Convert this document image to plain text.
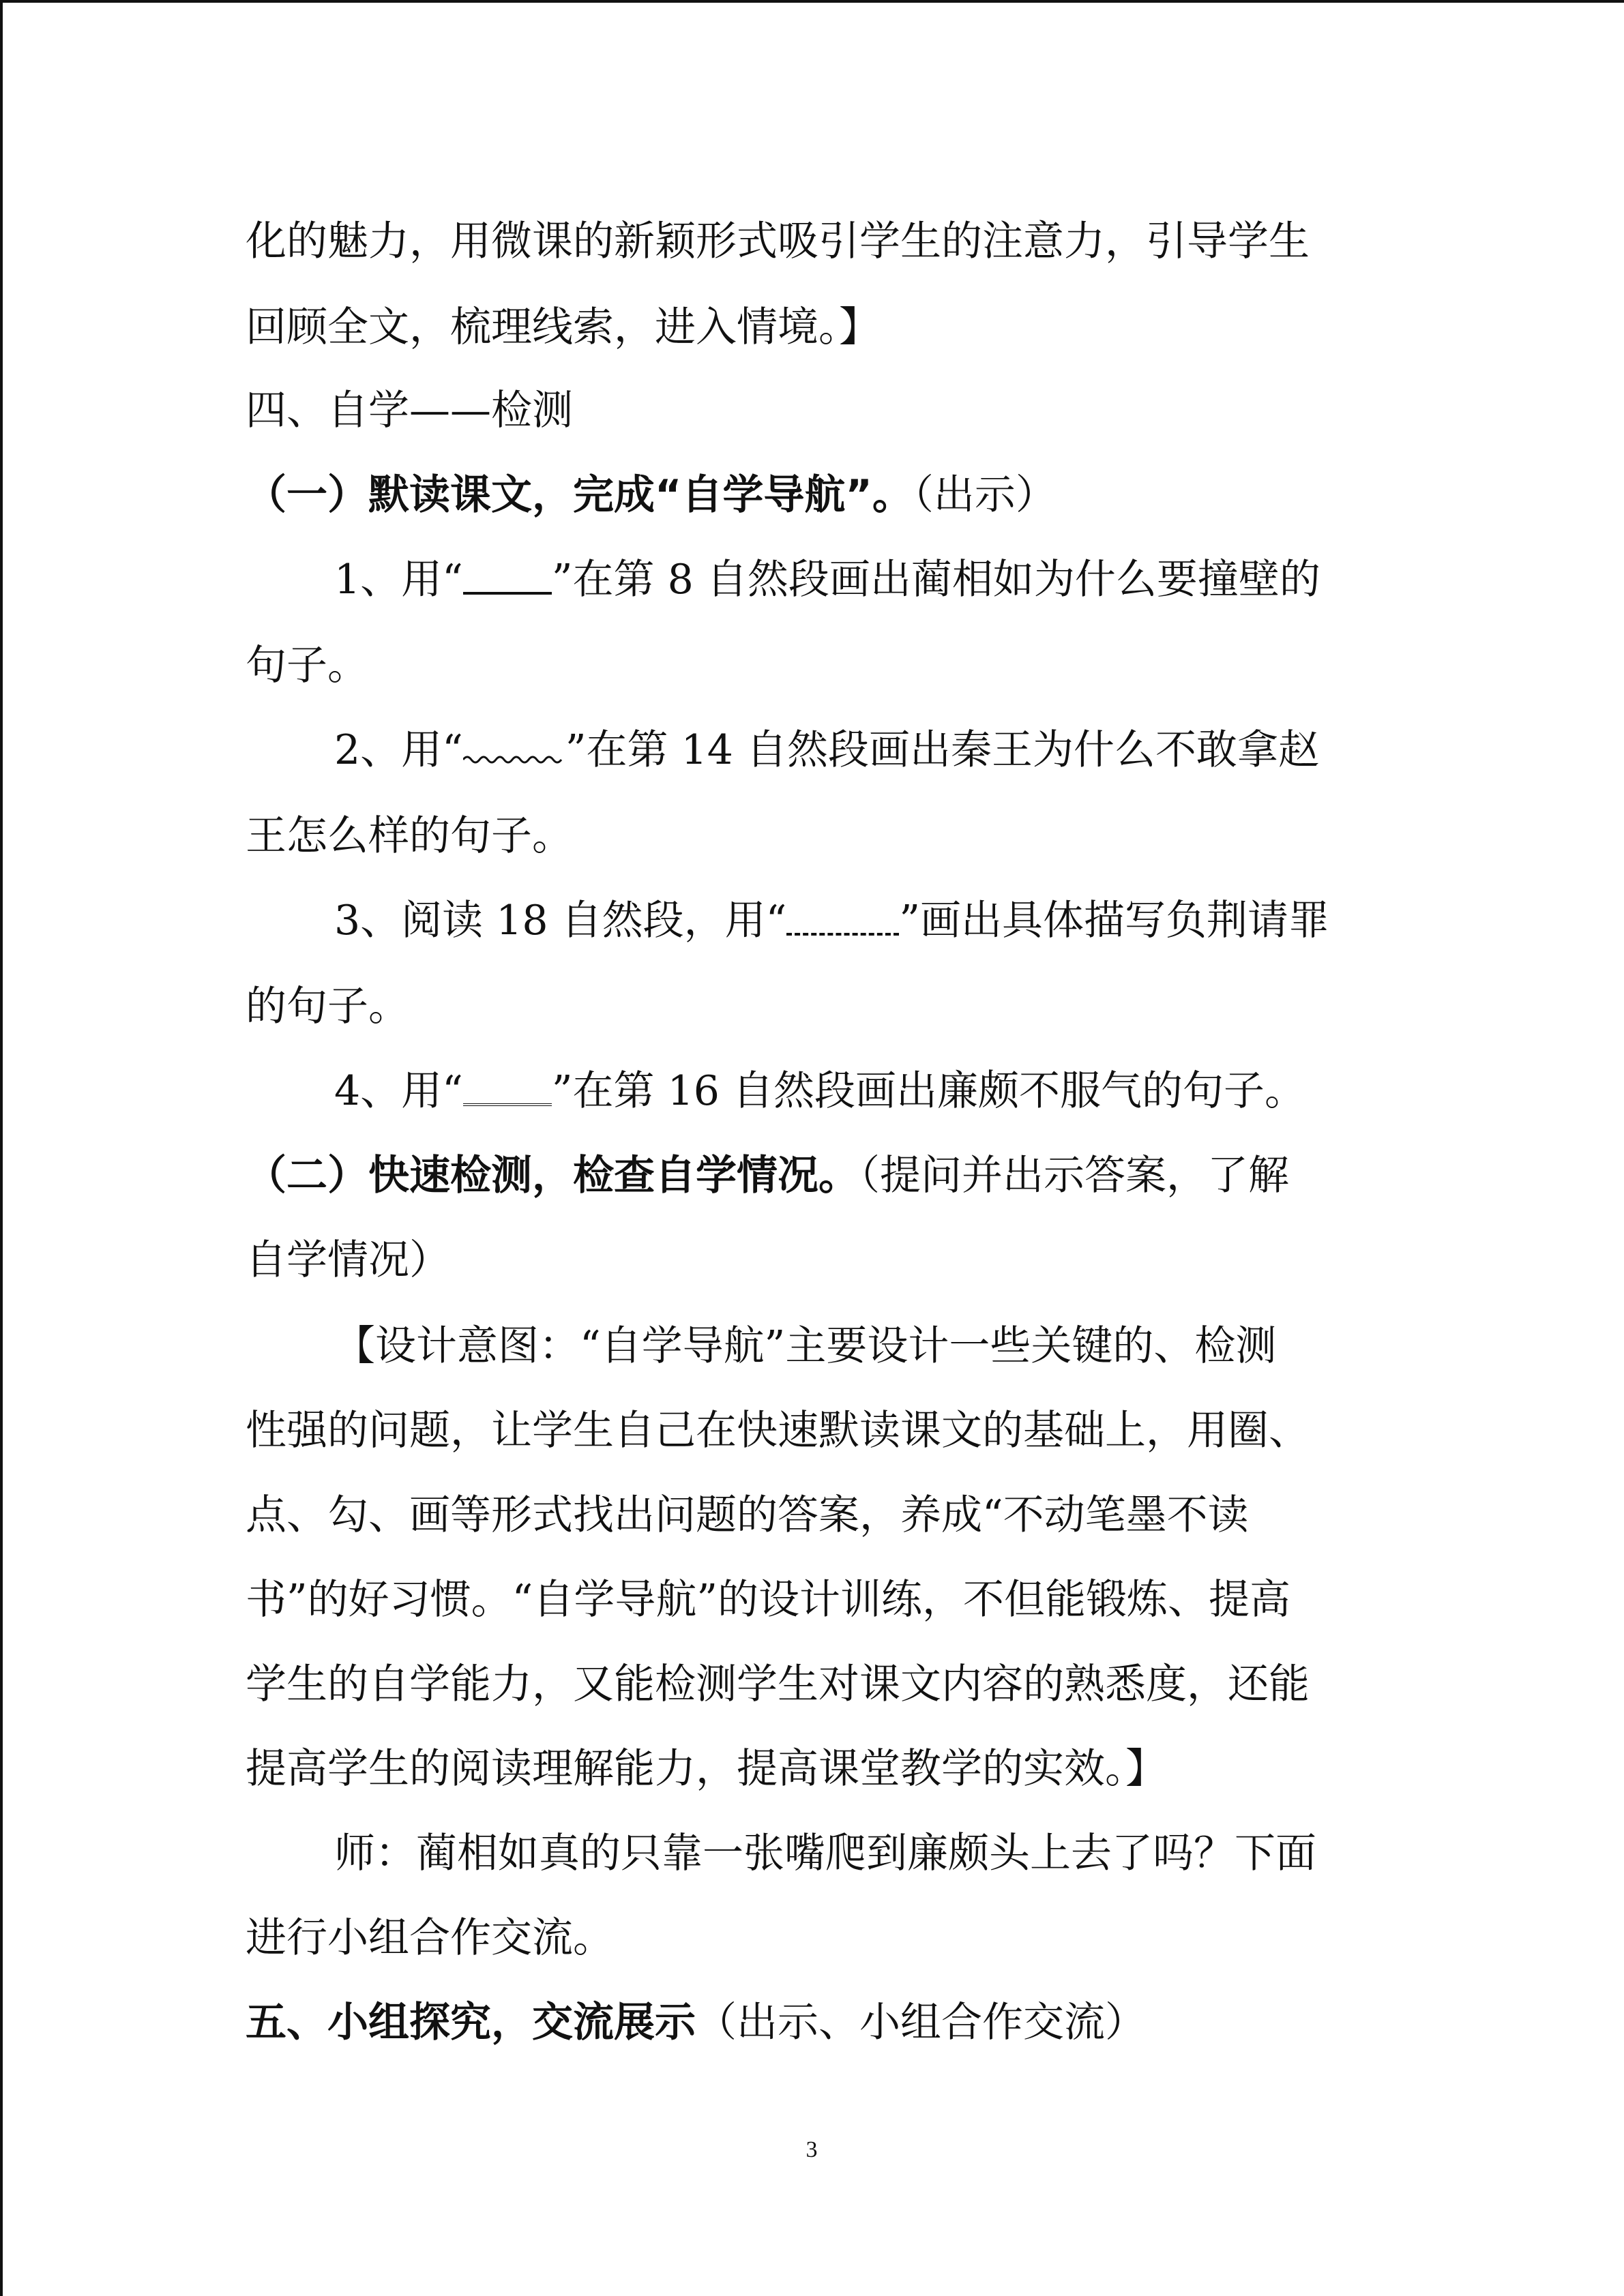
化的魅力，用微课的新颖形式吸引学生的注意力，引导学生
回顾全文，梳理线索，进入情境。】
四、自学——检测
（一）默读课文，完成“自学导航”。（出示）
1、用“ ”在第 8 自然段画出蔺相如为什么要撞壁的
句子。
2、用“	”在第 14 自然段画出秦王为什么不敢拿赵
王怎么样的句子。
3、阅读 18 自然段，用“	”画出具体描写负荆请罪
的句子。
4、用“ ”在第 16 自然段画出廉颇不服气的句子。
（二）快速检测，检查自学情况。（提问并出示答案，了解
自学情况）
【设计意图：“自学导航”主要设计一些关键的、检测
性强的问题，让学生自己在快速默读课文的基础上，用圈、
点、勾、画等形式找出问题的答案，养成“不动笔墨不读
书”的好习惯。“自学导航”的设计训练，不但能锻炼、提高
学生的自学能力，又能检测学生对课文内容的熟悉度，还能
提高学生的阅读理解能力，提高课堂教学的实效。】
师：蔺相如真的只靠一张嘴爬到廉颇头上去了吗？下面
进行小组合作交流。
五、小组探究，交流展示（出示、小组合作交流）
3
